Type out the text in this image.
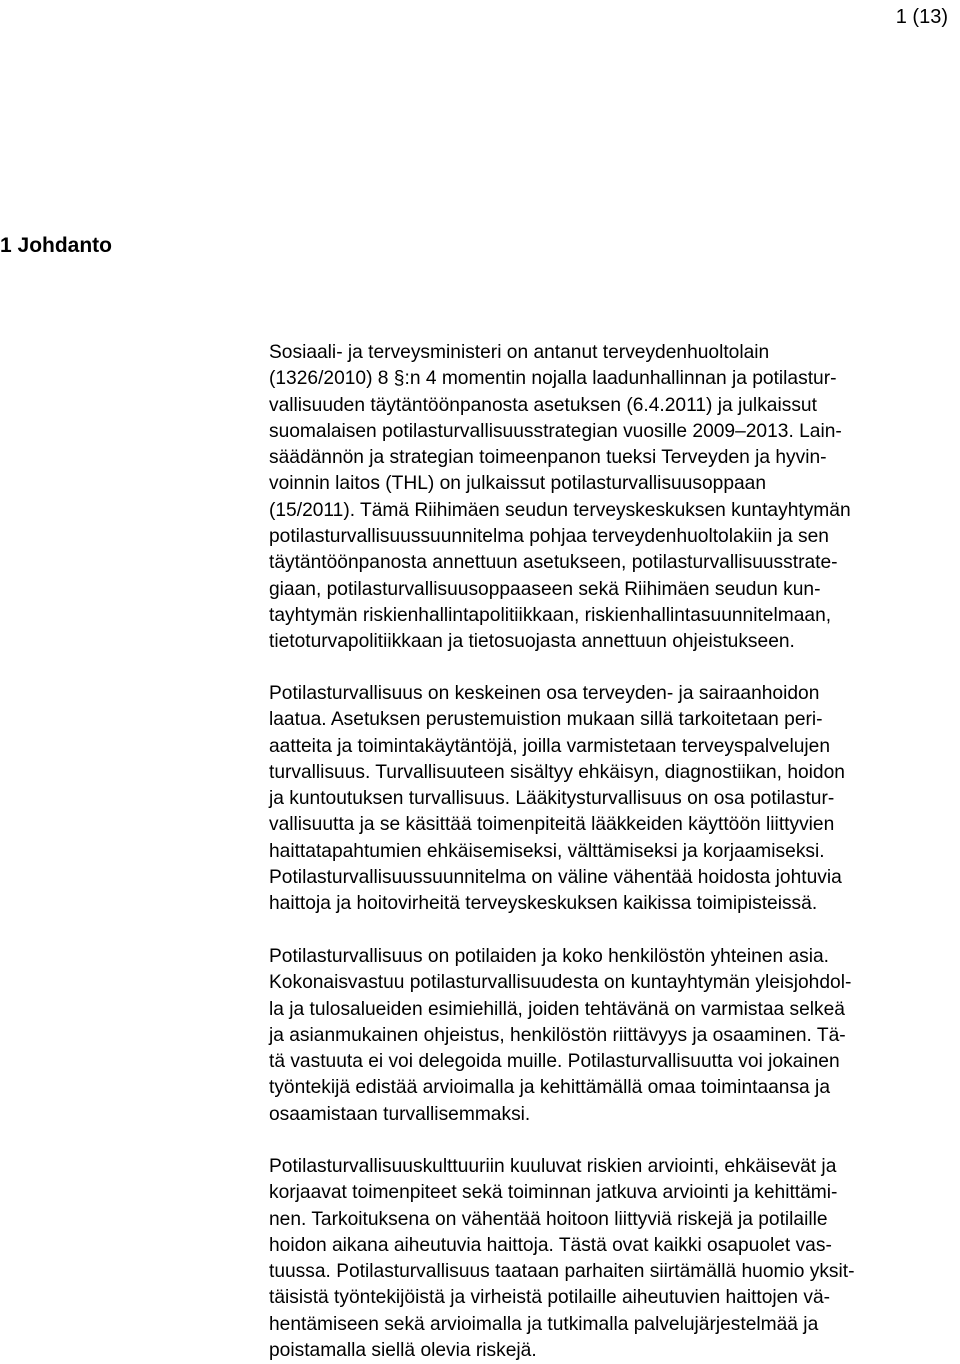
1 (13)
1 Johdanto

Sosiaali- ja terveysministeri on antanut terveydenhuoltolain
(1326/2010) 8 §:n 4 momentin nojalla laadunhallinnan ja potilastur-
vallisuuden täytäntöönpanosta asetuksen (6.4.2011) ja julkaissut
suomalaisen potilasturvallisuusstrategian vuosille 2009–2013. Lain-
säädännön ja strategian toimeenpanon tueksi Terveyden ja hyvin-
voinnin laitos (THL) on julkaissut potilasturvallisuusoppaan
(15/2011). Tämä Riihimäen seudun terveyskeskuksen kuntayhtymän
potilasturvallisuussuunnitelma pohjaa terveydenhuoltolakiin ja sen
täytäntöönpanosta annettuun asetukseen, potilasturvallisuusstrate-
giaan, potilasturvallisuusoppaaseen sekä Riihimäen seudun kun-
tayhtymän riskienhallintapolitiikkaan, riskienhallintasuunnitelmaan,
tietoturvapolitiikkaan ja tietosuojasta annettuun ohjeistukseen.

Potilasturvallisuus on keskeinen osa terveyden- ja sairaanhoidon
laatua. Asetuksen perustemuistion mukaan sillä tarkoitetaan peri-
aatteita ja toimintakäytäntöjä, joilla varmistetaan terveyspalvelujen
turvallisuus. Turvallisuuteen sisältyy ehkäisyn, diagnostiikan, hoidon
ja kuntoutuksen turvallisuus. Lääkitysturvallisuus on osa potilastur-
vallisuutta ja se käsittää toimenpiteitä lääkkeiden käyttöön liittyvien
haittatapahtumien ehkäisemiseksi, välttämiseksi ja korjaamiseksi.
Potilasturvallisuussuunnitelma on väline vähentää hoidosta johtuvia
haittoja ja hoitovirheitä terveyskeskuksen kaikissa toimipisteissä.

Potilasturvallisuus on potilaiden ja koko henkilöstön yhteinen asia.
Kokonaisvastuu potilasturvallisuudesta on kuntayhtymän yleisjohdol-
la ja tulosalueiden esimiehillä, joiden tehtävänä on varmistaa selkeä
ja asianmukainen ohjeistus, henkilöstön riittävyys ja osaaminen. Tä-
tä vastuuta ei voi delegoida muille. Potilasturvallisuutta voi jokainen
työntekijä edistää arvioimalla ja kehittämällä omaa toimintaansa ja
osaamistaan turvallisemmaksi.

Potilasturvallisuuskulttuuriin kuuluvat riskien arviointi, ehkäisevät ja
korjaavat toimenpiteet sekä toiminnan jatkuva arviointi ja kehittämi-
nen. Tarkoituksena on vähentää hoitoon liittyviä riskejä ja potilaille
hoidon aikana aiheutuvia haittoja. Tästä ovat kaikki osapuolet vas-
tuussa. Potilasturvallisuus taataan parhaiten siirtämällä huomio yksit-
täisistä työntekijöistä ja virheistä potilaille aiheutuvien haittojen vä-
hentämiseen sekä arvioimalla ja tutkimalla palvelujärjestelmää ja
poistamalla siellä olevia riskejä.
